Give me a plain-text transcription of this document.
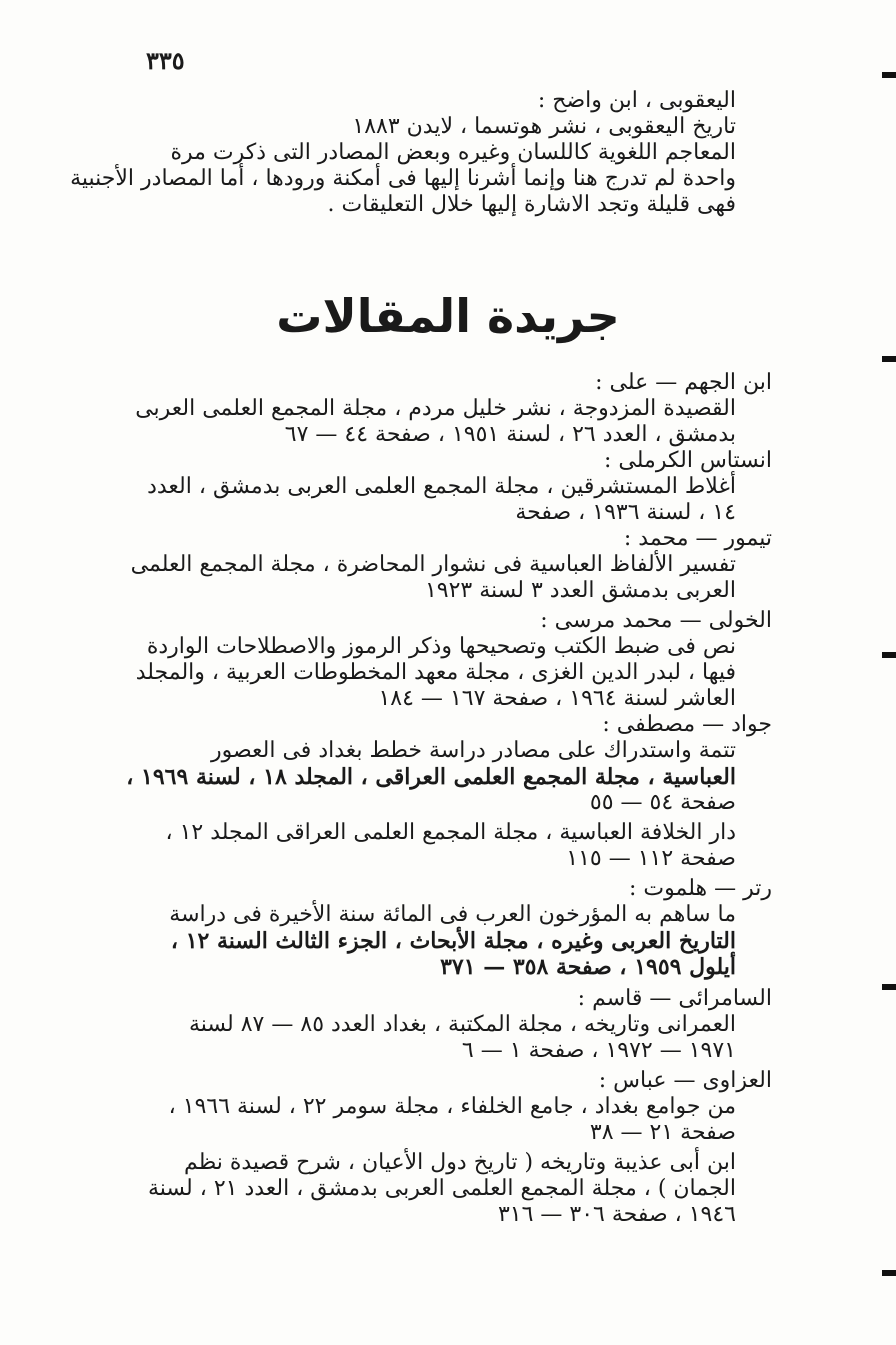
٣٣٥
اليعقوبى ، ابن واضح :
تاريخ اليعقوبى ، نشر هوتسما ، لايدن ١٨٨٣
المعاجم اللغوية كاللسان وغيره وبعض المصادر التى ذكرت مرة
واحدة لم تدرج هنا وإنما أشرنا إليها فى أمكنة ورودها ، أما المصادر الأجنبية
فهى قليلة وتجد الاشارة إليها خلال التعليقات .
جريدة المقالات
ابن الجهم — على :
القصيدة المزدوجة ، نشر خليل مردم ، مجلة المجمع العلمى العربى
بدمشق ، العدد ٢٦ ، لسنة ١٩٥١ ، صفحة ٤٤ — ٦٧
انستاس الكرملى :
أغلاط المستشرقين ، مجلة المجمع العلمى العربى بدمشق ، العدد
١٤ ، لسنة ١٩٣٦ ، صفحة
تيمور — محمد :
تفسير الألفاظ العباسية فى نشوار المحاضرة ، مجلة المجمع العلمى
العربى بدمشق العدد ٣ لسنة ١٩٢٣
الخولى — محمد مرسى :
نص فى ضبط الكتب وتصحيحها وذكر الرموز والاصطلاحات الواردة
فيها ، لبدر الدين الغزى ، مجلة معهد المخطوطات العربية ، والمجلد
العاشر لسنة ١٩٦٤ ، صفحة ١٦٧ — ١٨٤
جواد — مصطفى :
تتمة واستدراك على مصادر دراسة خطط بغداد فى العصور
العباسية ، مجلة المجمع العلمى العراقى ، المجلد ١٨ ، لسنة ١٩٦٩ ،
صفحة ٥٤ — ٥٥
دار الخلافة العباسية ، مجلة المجمع العلمى العراقى المجلد ١٢ ،
صفحة ١١٢ — ١١٥
رتر — هلموت :
ما ساهم به المؤرخون العرب فى المائة سنة الأخيرة فى دراسة
التاريخ العربى وغيره ، مجلة الأبحاث ، الجزء الثالث السنة ١٢ ،
أيلول ١٩٥٩ ، صفحة ٣٥٨ — ٣٧١
السامرائى — قاسم :
العمرانى وتاريخه ، مجلة المكتبة ، بغداد العدد ٨٥ — ٨٧ لسنة
١٩٧١ — ١٩٧٢ ، صفحة ١ — ٦
العزاوى — عباس :
من جوامع بغداد ، جامع الخلفاء ، مجلة سومر ٢٢ ، لسنة ١٩٦٦ ،
صفحة ٢١ — ٣٨
ابن أبى عذيبة وتاريخه ( تاريخ دول الأعيان ، شرح قصيدة نظم
الجمان ) ، مجلة المجمع العلمى العربى بدمشق ، العدد ٢١ ، لسنة
١٩٤٦ ، صفحة ٣٠٦ — ٣١٦
